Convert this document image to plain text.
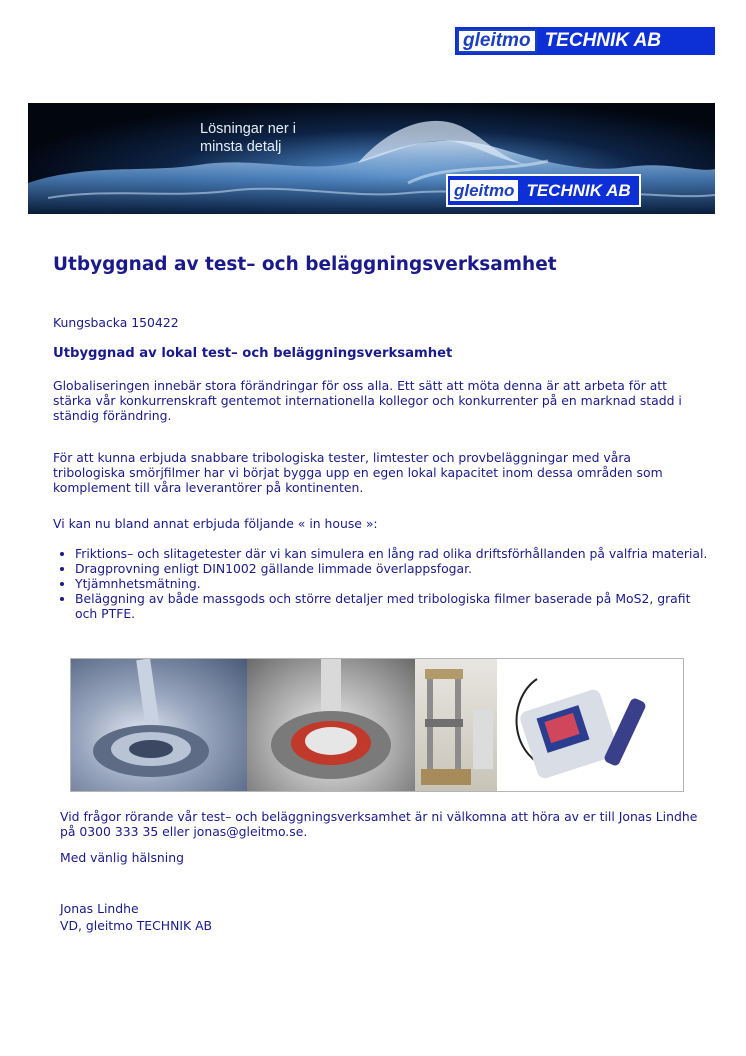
gleitmo TECHNIK AB
Lösningar ner i
minsta detalj
gleitmo TECHNIK AB
Utbyggnad av test– och beläggningsverksamhet
Kungsbacka 150422
Utbyggnad av lokal test– och beläggningsverksamhet
Globaliseringen innebär stora förändringar för oss alla. Ett sätt att möta denna är att arbeta för att stärka vår konkurrenskraft gentemot internationella kollegor och konkurrenter på en marknad stadd i ständig förändring.
För att kunna erbjuda snabbare tribologiska tester, limtester och provbeläggningar med våra tribologiska smörjfilmer har vi börjat bygga upp en egen lokal kapacitet inom dessa områden som komplement till våra leverantörer på kontinenten.
Vi kan nu bland annat erbjuda följande « in house »:
• Friktions– och slitagetester där vi kan simulera en lång rad olika driftsförhållanden på valfria material.
• Dragprovning enligt DIN1002 gällande limmade överlappsfogar.
• Ytjämnhetsmätning.
• Beläggning av både massgods och större detaljer med tribologiska filmer baserade på MoS2, grafit och PTFE.
Vid frågor rörande vår test– och beläggningsverksamhet är ni välkomna att höra av er till Jonas Lindhe på 0300 333 35 eller jonas@gleitmo.se.
Med vänlig hälsning
Jonas Lindhe
VD, gleitmo TECHNIK AB
